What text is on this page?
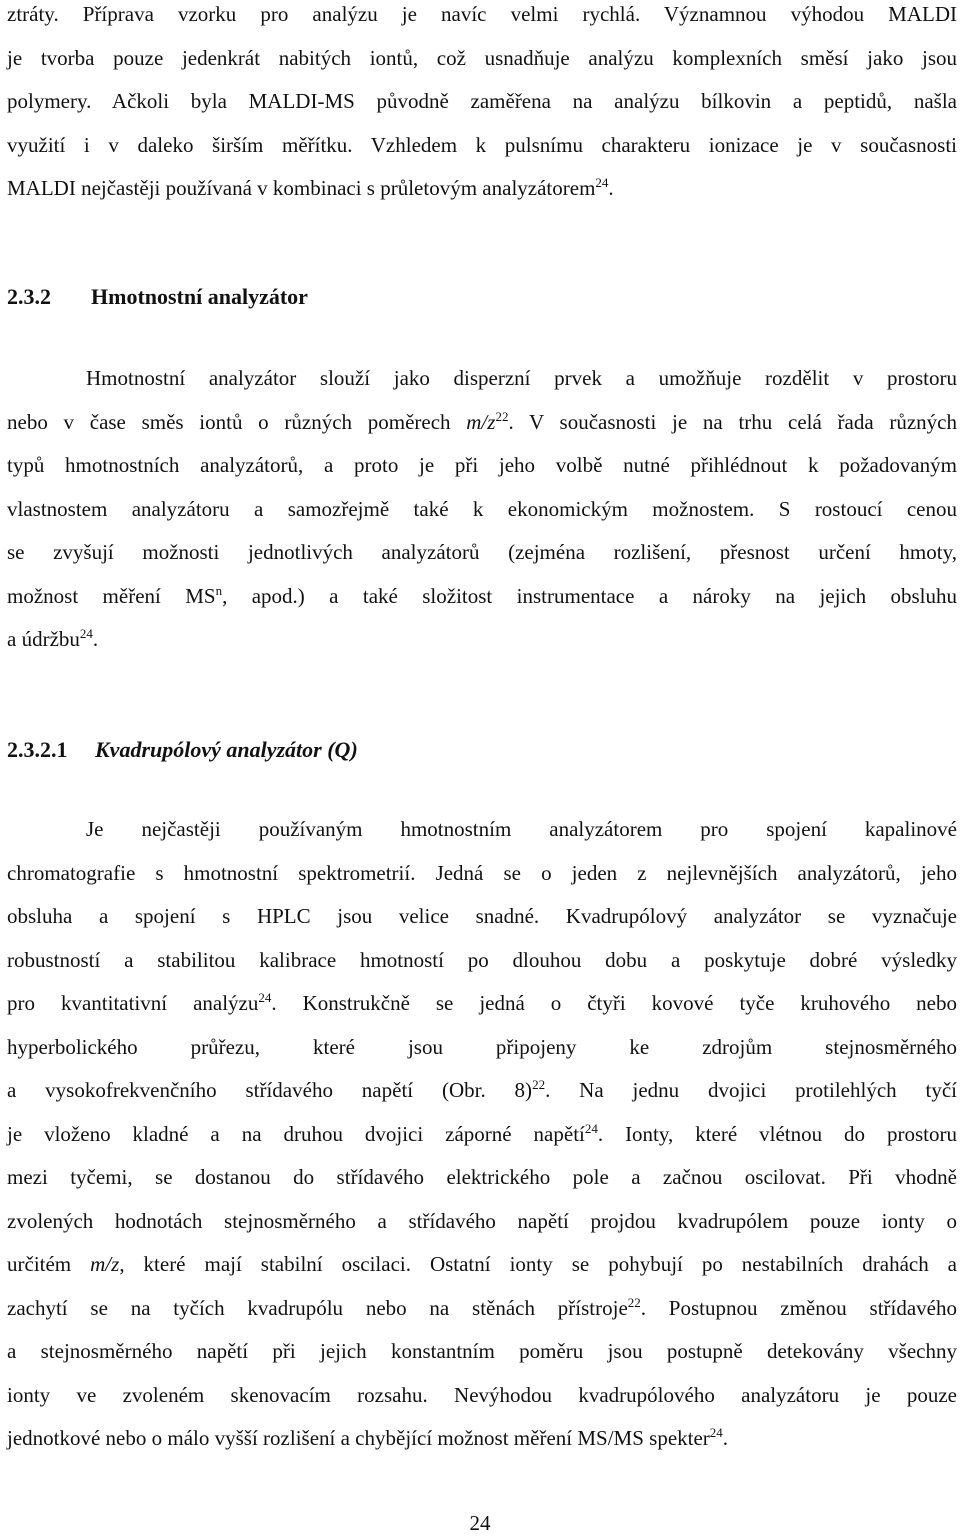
ztráty. Příprava vzorku pro analýzu je navíc velmi rychlá. Významnou výhodou MALDI
je tvorba pouze jedenkrát nabitých iontů, což usnadňuje analýzu komplexních směsí jako jsou
polymery. Ačkoli byla MALDI-MS původně zaměřena na analýzu bílkovin a peptidů, našla
využití i v daleko širším měřítku. Vzhledem k pulsnímu charakteru ionizace je v současnosti
MALDI nejčastěji používaná v kombinaci s průletovým analyzátorem$^{24}$.
2.3.2 Hmotnostní analyzátor
Hmotnostní analyzátor slouží jako disperzní prvek a umožňuje rozdělit v prostoru
nebo v čase směs iontů o různých poměrech $m/z^{22}$. V současnosti je na trhu celá řada různých
typů hmotnostních analyzátorů, a proto je při jeho volbě nutné přihlédnout k požadovaným
vlastnostem analyzátoru a samozřejmě také k ekonomickým možnostem. S rostoucí cenou
se zvyšují možnosti jednotlivých analyzátorů (zejména rozlišení, přesnost určení hmoty,
možnost měření $MS^n$, apod.) a také složitost instrumentace a nároky na jejich obsluhu
a údržbu$^{24}$.
2.3.2.1 Kvadrupólový analyzátor (Q)
Je nejčastěji používaným hmotnostním analyzátorem pro spojení kapalinové
chromatografie s hmotnostní spektrometrií. Jedná se o jeden z nejlevnějších analyzátorů, jeho
obsluha a spojení s HPLC jsou velice snadné. Kvadrupólový analyzátor se vyznačuje
robustností a stabilitou kalibrace hmotností po dlouhou dobu a poskytuje dobré výsledky
pro kvantitativní analýzu$^{24}$. Konstrukčně se jedná o čtyři kovové tyče kruhového nebo
hyperbolického průřezu, které jsou připojeny ke zdrojům stejnosměrného
a vysokofrekvenčního střídavého napětí (Obr. 8)$^{22}$. Na jednu dvojici protilehlých tyčí
je vloženo kladné a na druhou dvojici záporné napětí$^{24}$. Ionty, které vlétnou do prostoru
mezi tyčemi, se dostanou do střídavého elektrického pole a začnou oscilovat. Při vhodně
zvolených hodnotách stejnosměrného a střídavého napětí projdou kvadrupólem pouze ionty o
určitém m/z, které mají stabilní oscilaci. Ostatní ionty se pohybují po nestabilních drahách a
zachytí se na tyčích kvadrupólu nebo na stěnách přístroje$^{22}$. Postupnou změnou střídavého
a stejnosměrného napětí při jejich konstantním poměru jsou postupně detekovány všechny
ionty ve zvoleném skenovacím rozsahu. Nevýhodou kvadrupólového analyzátoru je pouze
jednotkové nebo o málo vyšší rozlišení a chybějící možnost měření MS/MS spekter$^{24}$.
24
